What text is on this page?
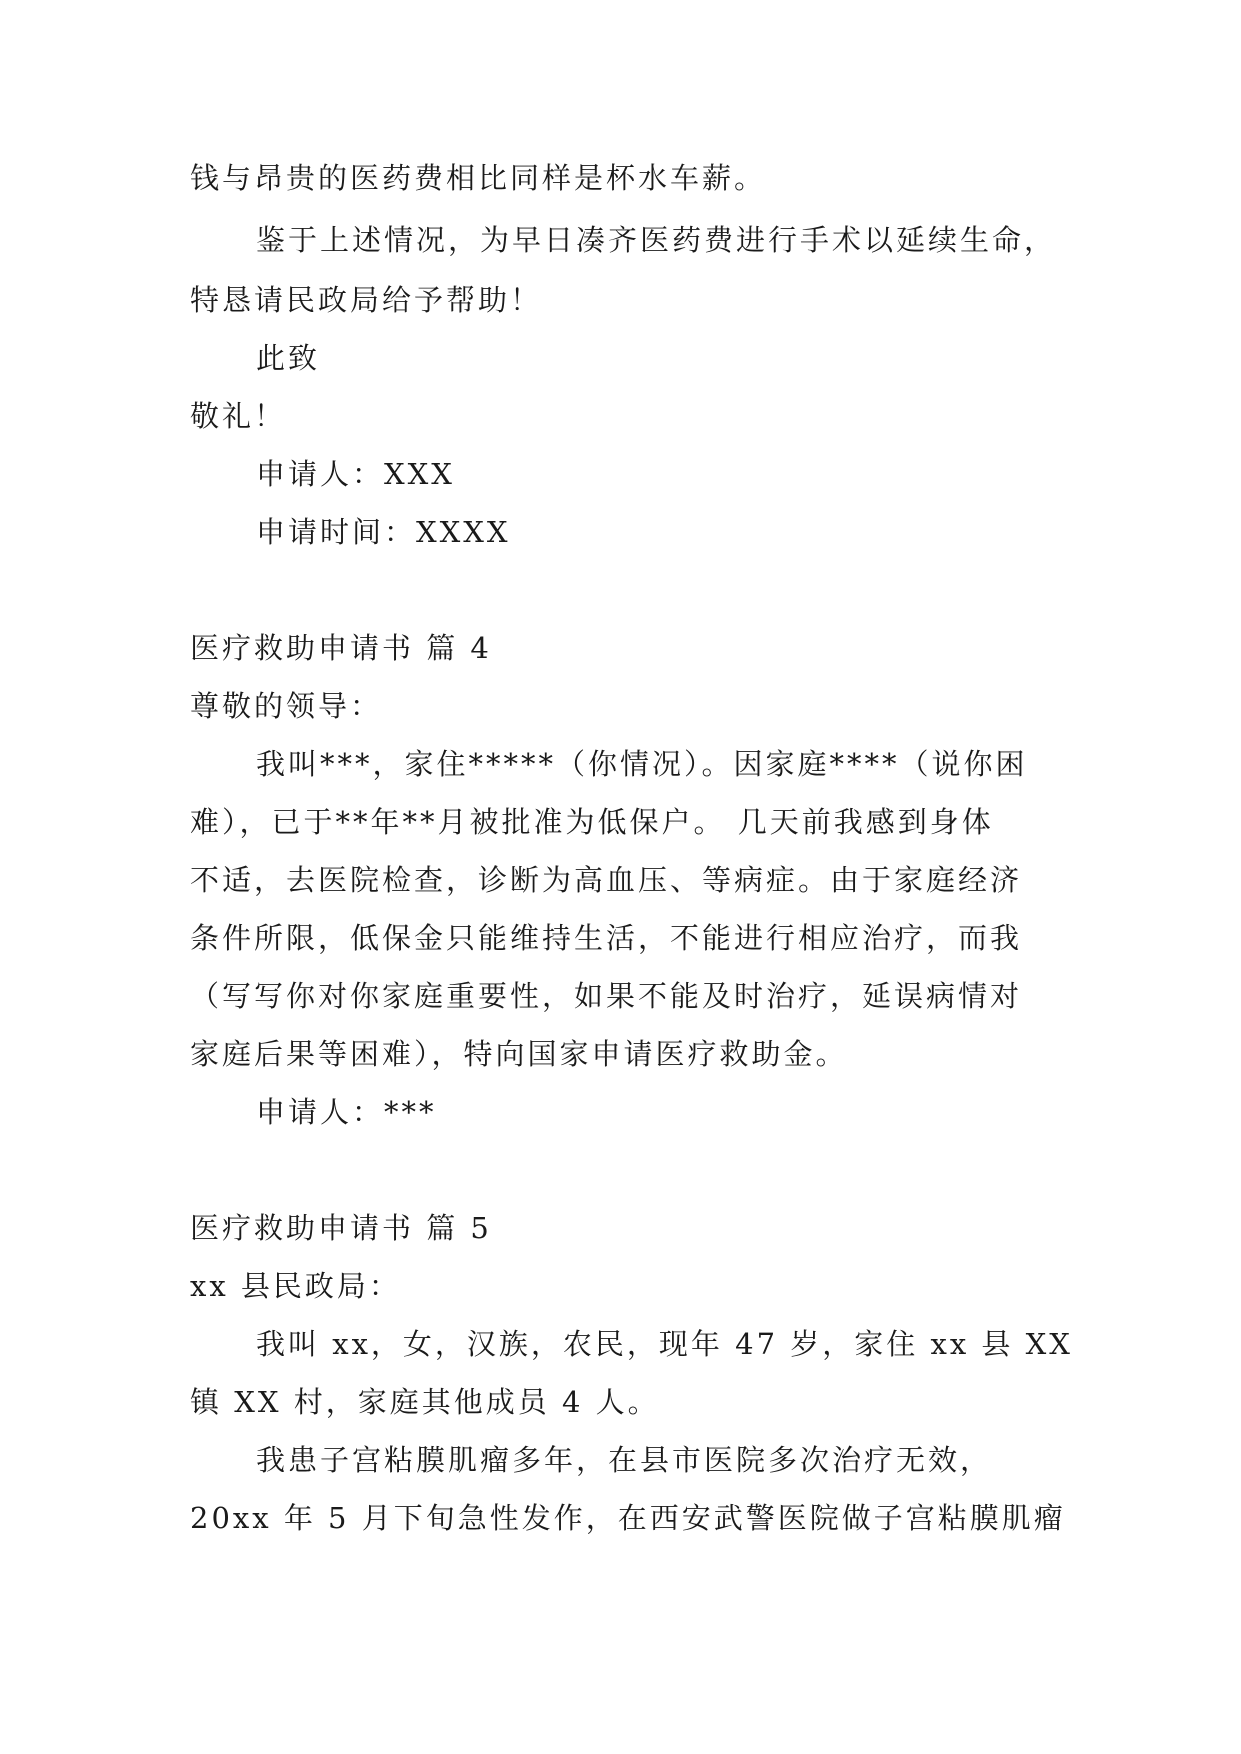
钱与昂贵的医药费相比同样是杯水车薪。
鉴于上述情况，为早日凑齐医药费进行手术以延续生命，
特恳请民政局给予帮助！
此致
敬礼！
申请人：XXX
申请时间：XXXX
医疗救助申请书 篇 4
尊敬的领导：
我叫***，家住*****（你情况）。因家庭****（说你困
难），已于**年**月被批准为低保户。 几天前我感到身体
不适，去医院检查，诊断为高血压、等病症。由于家庭经济
条件所限，低保金只能维持生活，不能进行相应治疗，而我
（写写你对你家庭重要性，如果不能及时治疗，延误病情对
家庭后果等困难），特向国家申请医疗救助金。
申请人：***
医疗救助申请书 篇 5
xx 县民政局：
我叫 xx，女，汉族，农民，现年 47 岁，家住 xx 县 XX
镇 XX 村，家庭其他成员 4 人。
我患子宫粘膜肌瘤多年，在县市医院多次治疗无效，
20xx 年 5 月下旬急性发作，在西安武警医院做子宫粘膜肌瘤
